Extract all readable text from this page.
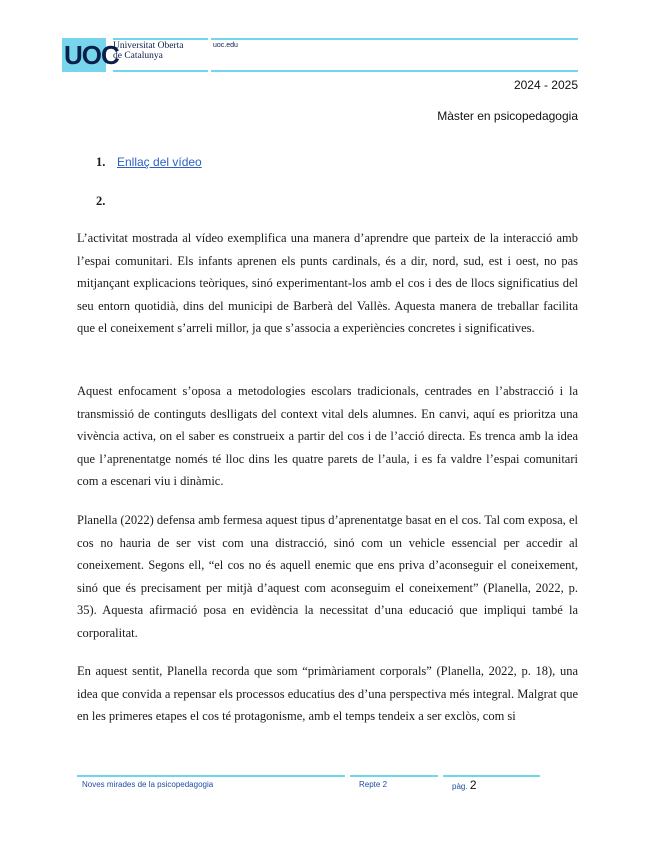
UOC
Universitat Oberta
de Catalunya
uoc.edu
2024 - 2025
Màster en psicopedagogia
1. Enllaç del vídeo
2.

L’activitat mostrada al vídeo exemplifica una manera d’aprendre que parteix de la interacció amb l’espai comunitari. Els infants aprenen els punts cardinals, és a dir, nord, sud, est i oest, no pas mitjançant explicacions teòriques, sinó experimentant-los amb el cos i des de llocs significatius del seu entorn quotidià, dins del municipi de Barberà del Vallès. Aquesta manera de treballar facilita que el coneixement s’arreli millor, ja que s’associa a experiències concretes i significatives.

Aquest enfocament s’oposa a metodologies escolars tradicionals, centrades en l’abstracció i la transmissió de continguts deslligats del context vital dels alumnes. En canvi, aquí es prioritza una vivència activa, on el saber es construeix a partir del cos i de l’acció directa. Es trenca amb la idea que l’aprenentatge només té lloc dins les quatre parets de l’aula, i es fa valdre l’espai comunitari com a escenari viu i dinàmic.

Planella (2022) defensa amb fermesa aquest tipus d’aprenentatge basat en el cos. Tal com exposa, el cos no hauria de ser vist com una distracció, sinó com un vehicle essencial per accedir al coneixement. Segons ell, “el cos no és aquell enemic que ens priva d’aconseguir el coneixement, sinó que és precisament per mitjà d’aquest com aconseguim el coneixement” (Planella, 2022, p. 35). Aquesta afirmació posa en evidència la necessitat d’una educació que impliqui també la corporalitat.

En aquest sentit, Planella recorda que som “primàriament corporals” (Planella, 2022, p. 18), una idea que convida a repensar els processos educatius des d’una perspectiva més integral. Malgrat que en les primeres etapes el cos té protagonisme, amb el temps tendeix a ser exclòs, com si

Noves mirades de la psicopedagogia	Repte 2	pàg. 2
